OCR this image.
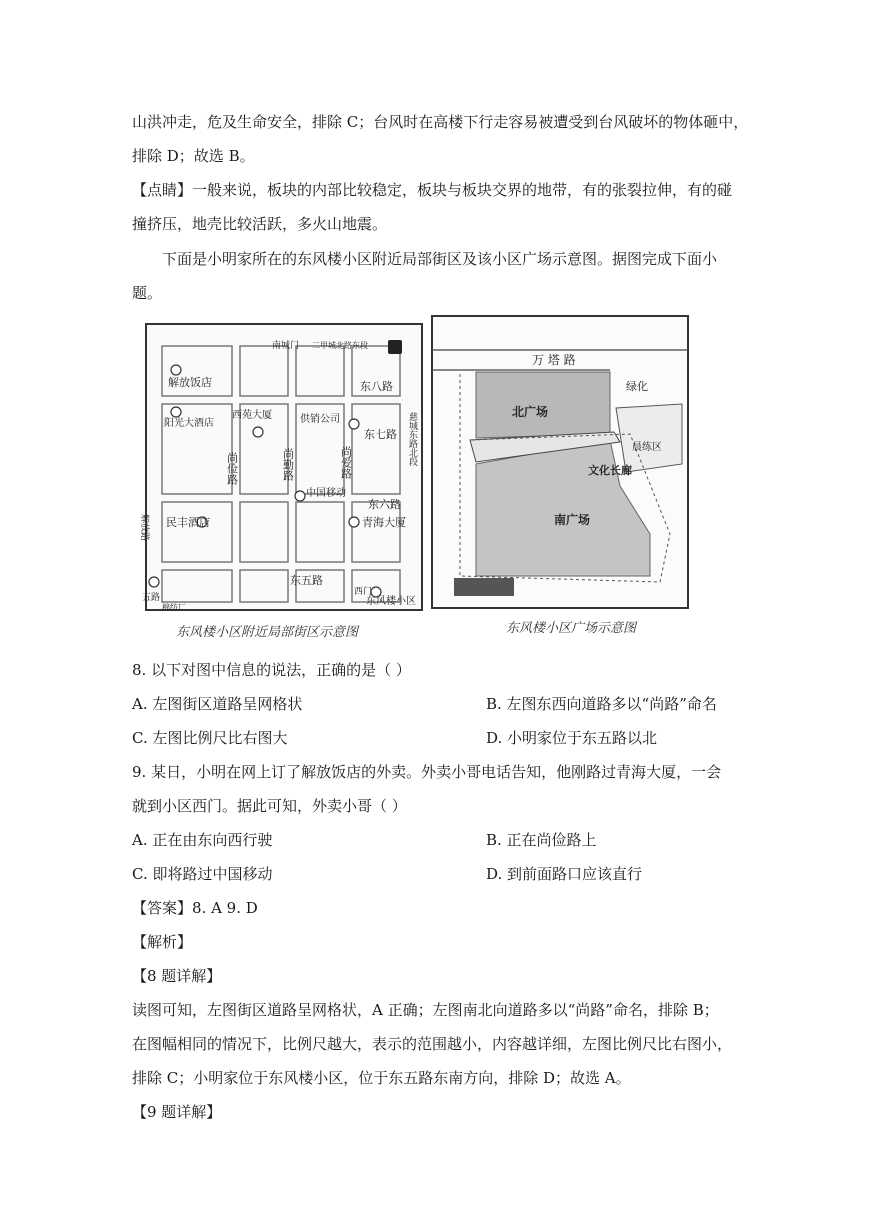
山洪冲走，危及生命安全，排除 C；台风时在高楼下行走容易被遭受到台风破坏的物体砸中，
排除 D；故选 B。
【点睛】一般来说，板块的内部比较稳定，板块与板块交界的地带，有的张裂拉伸，有的碰
撞挤压，地壳比较活跃，多火山地震。
下面是小明家所在的东风楼小区附近局部街区及该小区广场示意图。据图完成下面小
题。
解放路
南城门 二甲城北路东段
解放饭店	东八路
阳光大酒店
西苑大厦	供销公司
东七路
尚俭路	尚勤路	尚爱路
中国移动
东六路
民丰酒店	青海大厦
东五路
西门
东风楼小区
慈城东路北段
五路
棉纺厂
东风楼小区附近局部街区示意图
万 塔 路
绿化
北广场
晨练区
文化长廊
南广场
东风楼小区广场示意图
8. 以下对图中信息的说法，正确的是（ ）
A. 左图街区道路呈网格状	B. 左图东西向道路多以“尚路”命名
C. 左图比例尺比右图大	D. 小明家位于东五路以北
9. 某日，小明在网上订了解放饭店的外卖。外卖小哥电话告知，他刚路过青海大厦，一会
就到小区西门。据此可知，外卖小哥（ ）
A. 正在由东向西行驶	B. 正在尚俭路上
C. 即将路过中国移动	D. 到前面路口应该直行
【答案】8. A 9. D
【解析】
【8 题详解】
读图可知，左图街区道路呈网格状，A 正确；左图南北向道路多以“尚路”命名，排除 B；
在图幅相同的情况下，比例尺越大，表示的范围越小，内容越详细，左图比例尺比右图小，
排除 C；小明家位于东风楼小区，位于东五路东南方向，排除 D；故选 A。
【9 题详解】
